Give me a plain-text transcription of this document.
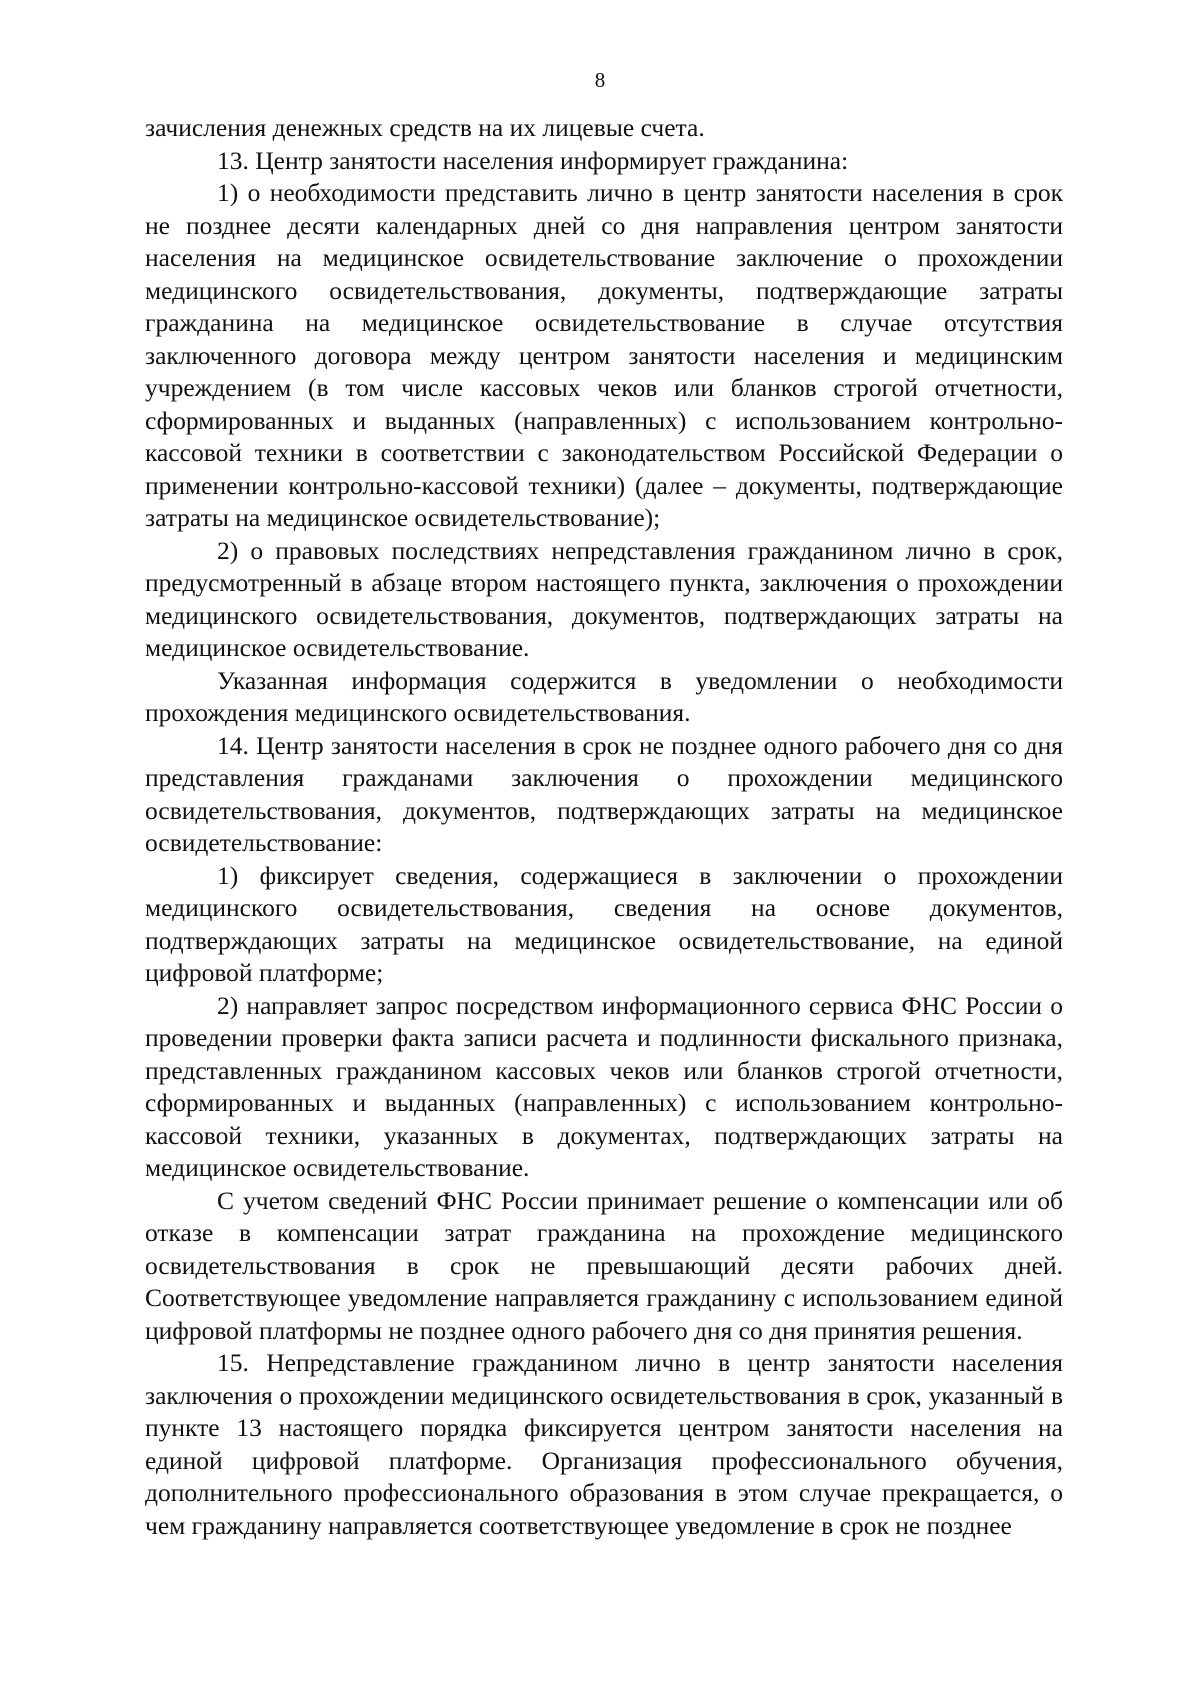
8

зачисления денежных средств на их лицевые счета.

13. Центр занятости населения информирует гражданина:

1) о необходимости представить лично в центр занятости населения в срок не позднее десяти календарных дней со дня направления центром занятости населения на медицинское освидетельствование заключение о прохождении медицинского освидетельствования, документы, подтверждающие затраты гражданина на медицинское освидетельствование в случае отсутствия заключенного договора между центром занятости населения и медицинским учреждением (в том числе кассовых чеков или бланков строгой отчетности, сформированных и выданных (направленных) с использованием контрольно-кассовой техники в соответствии с законодательством Российской Федерации о применении контрольно-кассовой техники) (далее – документы, подтверждающие затраты на медицинское освидетельствование);

2) о правовых последствиях непредставления гражданином лично в срок, предусмотренный в абзаце втором настоящего пункта, заключения о прохождении медицинского освидетельствования, документов, подтверждающих затраты на медицинское освидетельствование.

Указанная информация содержится в уведомлении о необходимости прохождения медицинского освидетельствования.

14. Центр занятости населения в срок не позднее одного рабочего дня со дня представления гражданами заключения о прохождении медицинского освидетельствования, документов, подтверждающих затраты на медицинское освидетельствование:

1) фиксирует сведения, содержащиеся в заключении о прохождении медицинского освидетельствования, сведения на основе документов, подтверждающих затраты на медицинское освидетельствование, на единой цифровой платформе;

2) направляет запрос посредством информационного сервиса ФНС России о проведении проверки факта записи расчета и подлинности фискального признака, представленных гражданином кассовых чеков или бланков строгой отчетности, сформированных и выданных (направленных) с использованием контрольно-кассовой техники, указанных в документах, подтверждающих затраты на медицинское освидетельствование.

С учетом сведений ФНС России принимает решение о компенсации или об отказе в компенсации затрат гражданина на прохождение медицинского освидетельствования в срок не превышающий десяти рабочих дней. Соответствующее уведомление направляется гражданину с использованием единой цифровой платформы не позднее одного рабочего дня со дня принятия решения.

15. Непредставление гражданином лично в центр занятости населения заключения о прохождении медицинского освидетельствования в срок, указанный в пункте 13 настоящего порядка фиксируется центром занятости населения на единой цифровой платформе. Организация профессионального обучения, дополнительного профессионального образования в этом случае прекращается, о чем гражданину направляется соответствующее уведомление в срок не позднее
